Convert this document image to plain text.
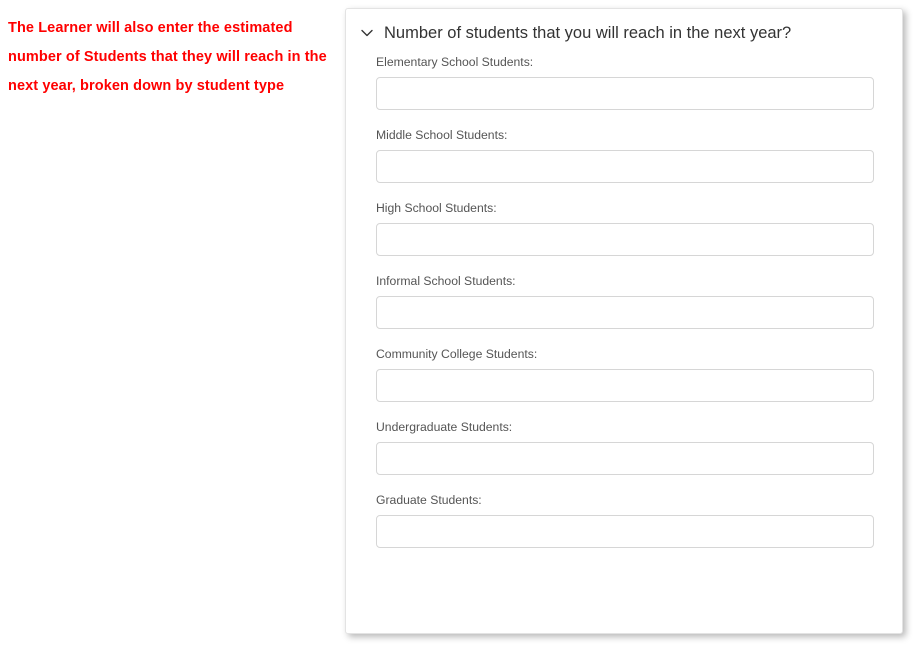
The Learner will also enter the estimated number of Students that they will reach in the next year, broken down by student type
Number of students that you will reach in the next year?
Elementary School Students:
Middle School Students:
High School Students:
Informal School Students:
Community College Students:
Undergraduate Students:
Graduate Students:
